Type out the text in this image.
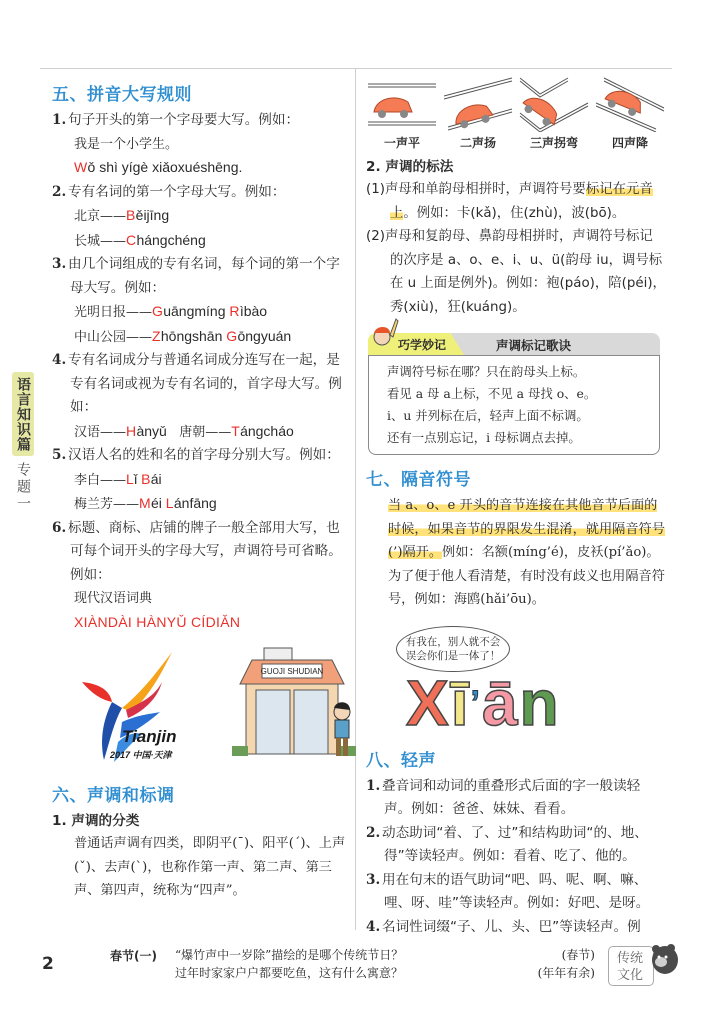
语言知识篇
专题一
五、拼音大写规则
1. 句子开头的第一个字母要大写。例如：
我是一个小学生。
Wǒ shì yígè xiǎoxuéshēng.
2. 专有名词的第一个字母大写。例如：
北京——Běijīng
长城——Chángchéng
3. 由几个词组成的专有名词，每个词的第一个字母大写。例如：
光明日报——Guāngmíng Rìbào
中山公园——Zhōngshān Gōngyuán
4. 专有名词成分与普通名词成分连写在一起，是专有名词或视为专有名词的，首字母大写。例如：
汉语——Hànyǔ 唐朝——Tángcháo
5. 汉语人名的姓和名的首字母分别大写。例如：
李白——Lǐ Bái
梅兰芳——Méi Lánfāng
6. 标题、商标、店铺的牌子一般全部用大写，也可每个词开头的字母大写，声调符号可省略。例如：
现代汉语词典
XIÀNDÀI HÀNYǓ CÍDIǍN
Tianjin
2017 中国·天津
GUOJI SHUDIAN
六、声调和标调
1. 声调的分类
普通话声调有四类，即阴平(ˉ)、阳平(ˊ)、上声(ˇ)、去声(ˋ)，也称作第一声、第二声、第三声、第四声，统称为“四声”。
一声平	二声扬	三声拐弯	四声降
2. 声调的标法
(1)声母和单韵母相拼时，声调符号要标记在元音上。例如：卡(kǎ)，住(zhù)，波(bō)。
(2)声母和复韵母、鼻韵母相拼时，声调符号标记的次序是 a、o、e、i、u、ü(韵母 iu，调号标在 u 上面是例外)。例如：袍(páo)，陪(péi)，秀(xiù)，狂(kuáng)。
巧学妙记	声调标记歌诀
声调符号标在哪？只在韵母头上标。
看见 a 母 a上标，不见 a 母找 o、e。
i、u 并列标在后，轻声上面不标调。
还有一点别忘记，i 母标调点去掉。
七、隔音符号
当 a、o、e 开头的音节连接在其他音节后面的时候，如果音节的界限发生混淆，就用隔音符号(’)隔开。例如：名额(míng’é)，皮袄(pí’ǎo)。为了便于他人看清楚，有时没有歧义也用隔音符号，例如：海鸥(hǎi’ōu)。
有我在，别人就不会误会你们是一体了！
Xī’ān
八、轻声
1. 叠音词和动词的重叠形式后面的字一般读轻声。例如：爸爸、妹妹、看看。
2. 动态助词“着、了、过”和结构助词“的、地、得”等读轻声。例如：看着、吃了、他的。
3. 用在句末的语气助词“吧、吗、呢、啊、嘛、哩、呀、哇”等读轻声。例如：好吧、是呀。
4. 名词性词缀“子、儿、头、巴”等读轻声。例
2	春节(一) “爆竹声中一岁除”描绘的是哪个传统节日？
过年时家家户户都要吃鱼，这有什么寓意？
(春节)
(年年有余)
传统
文化
